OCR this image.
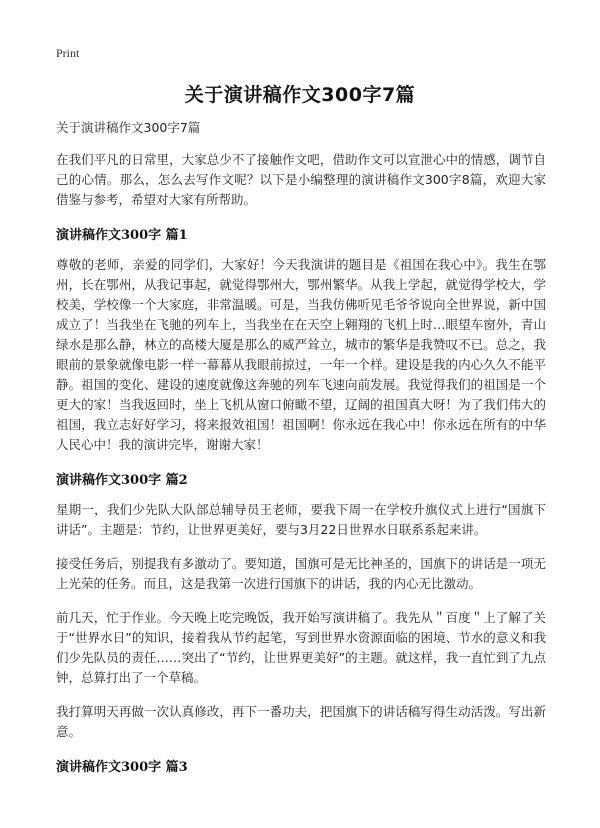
Print
关于演讲稿作文300字7篇
关于演讲稿作文300字7篇

在我们平凡的日常里，大家总少不了接触作文吧，借助作文可以宣泄心中的情感，调节自己的心情。那么，怎么去写作文呢？以下是小编整理的演讲稿作文300字8篇，欢迎大家借鉴与参考，希望对大家有所帮助。

演讲稿作文300字 篇1

尊敬的老师，亲爱的同学们，大家好！今天我演讲的题目是《祖国在我心中》。我生在鄂州，长在鄂州，从我记事起，就觉得鄂州大，鄂州繁华。从我上学起，就觉得学校大，学校美，学校像一个大家庭，非常温暖。可是，当我仿佛听见毛爷爷说向全世界说，新中国成立了！当我坐在飞驰的列车上，当我坐在在天空上翱翔的飞机上时…眼望车窗外，青山绿水是那么静，林立的高楼大厦是那么的威严耸立，城市的繁华是我赞叹不已。总之，我眼前的景象就像电影一样一幕幕从我眼前掠过，一年一个样。建设是我的内心久久不能平静。祖国的变化、建设的速度就像这奔驰的列车飞速向前发展。我觉得我们的祖国是一个更大的家！当我返回时，坐上飞机从窗口俯瞰不望，辽阔的祖国真大呀！为了我们伟大的祖国，我立志好好学习，将来报效祖国！祖国啊！你永远在我心中！你永远在所有的中华人民心中！我的演讲完毕，谢谢大家！

演讲稿作文300字 篇2

星期一，我们少先队大队部总辅导员王老师，要我下周一在学校升旗仪式上进行“国旗下讲话”。主题是：节约，让世界更美好，要与3月22日世界水日联系系起来讲。

接受任务后，别提我有多激动了。要知道，国旗可是无比神圣的，国旗下的讲话是一项无上光荣的任务。而且，这是我第一次进行国旗下的讲话，我的内心无比激动。

前几天，忙于作业。今天晚上吃完晚饭，我开始写演讲稿了。我先从＂百度＂上了解了关于“世界水日”的知识，接着我从节约起笔，写到世界水资源面临的困境、节水的意义和我们少先队员的责任……突出了“节约，让世界更美好”的主题。就这样，我一直忙到了九点钟，总算打出了一个草稿。

我打算明天再做一次认真修改，再下一番功夫，把国旗下的讲话稿写得生动活泼。写出新意。

演讲稿作文300字 篇3
